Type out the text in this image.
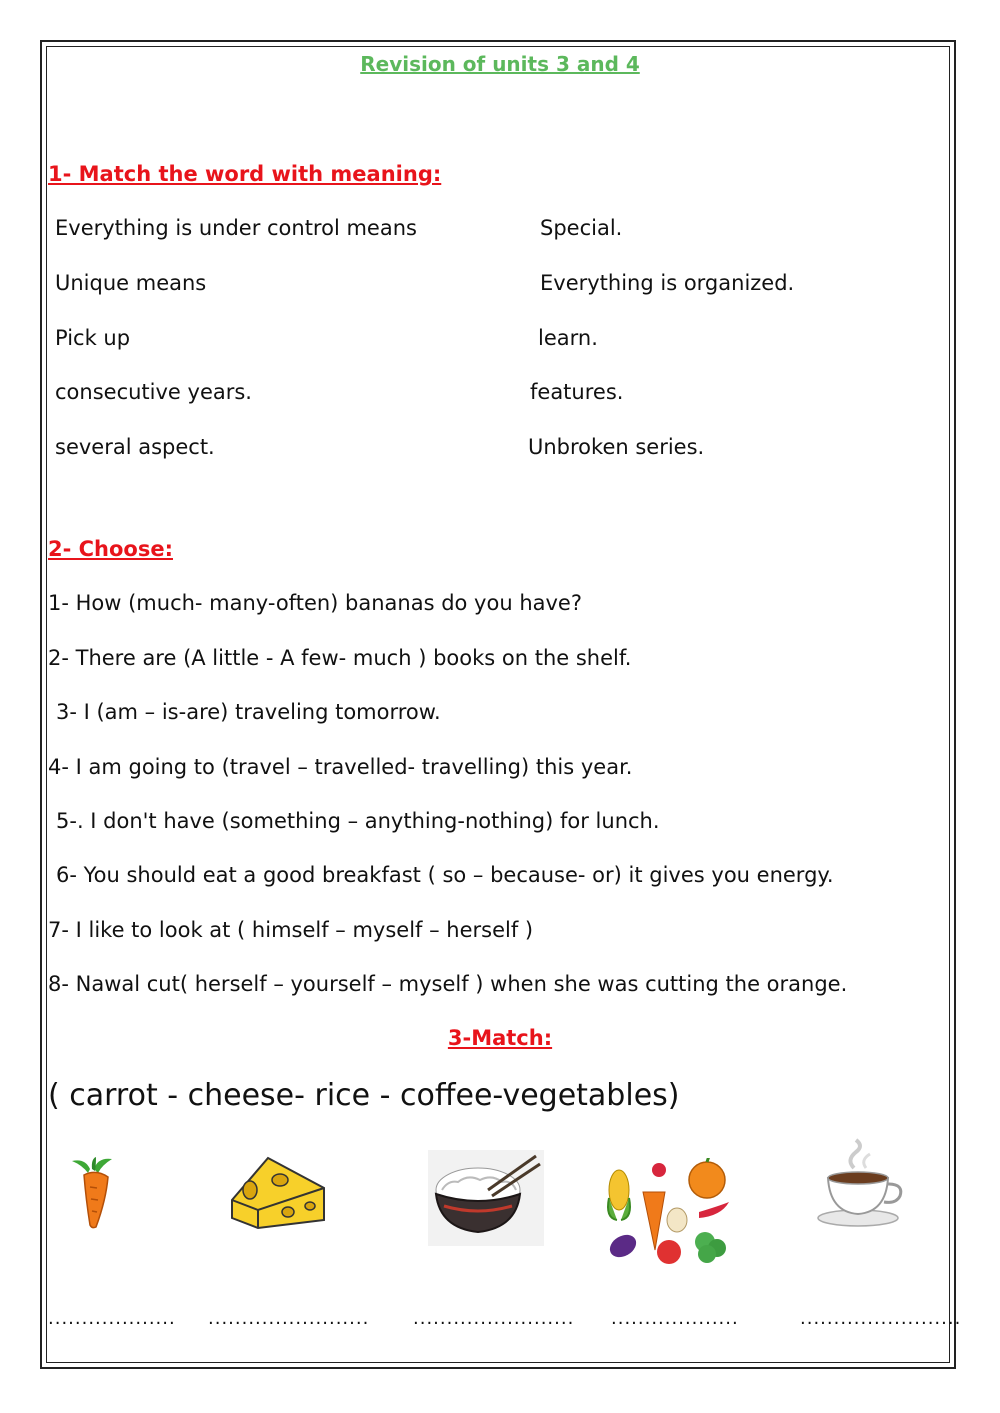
Revision of units 3 and 4
1- Match the word with meaning:
Everything is under control means	Special.
Unique means	Everything is organized.
Pick up	learn.
consecutive years.	features.
several aspect.	Unbroken series.
2- Choose:
1- How (much- many-often) bananas do you have?
2- There are (A little - A few- much ) books on the shelf.
3- I (am – is-are) traveling tomorrow.
4- I am going to (travel – travelled- travelling) this year.
5-. I don't have (something – anything-nothing) for lunch.
6- You should eat a good breakfast ( so – because- or) it gives you energy.
7- I like to look at ( himself – myself – herself )
8- Nawal cut( herself – yourself – myself ) when she was cutting the orange.
3-Match:
( carrot - cheese- rice - coffee-vegetables)
................... ........................ ........................ ...................	........................
